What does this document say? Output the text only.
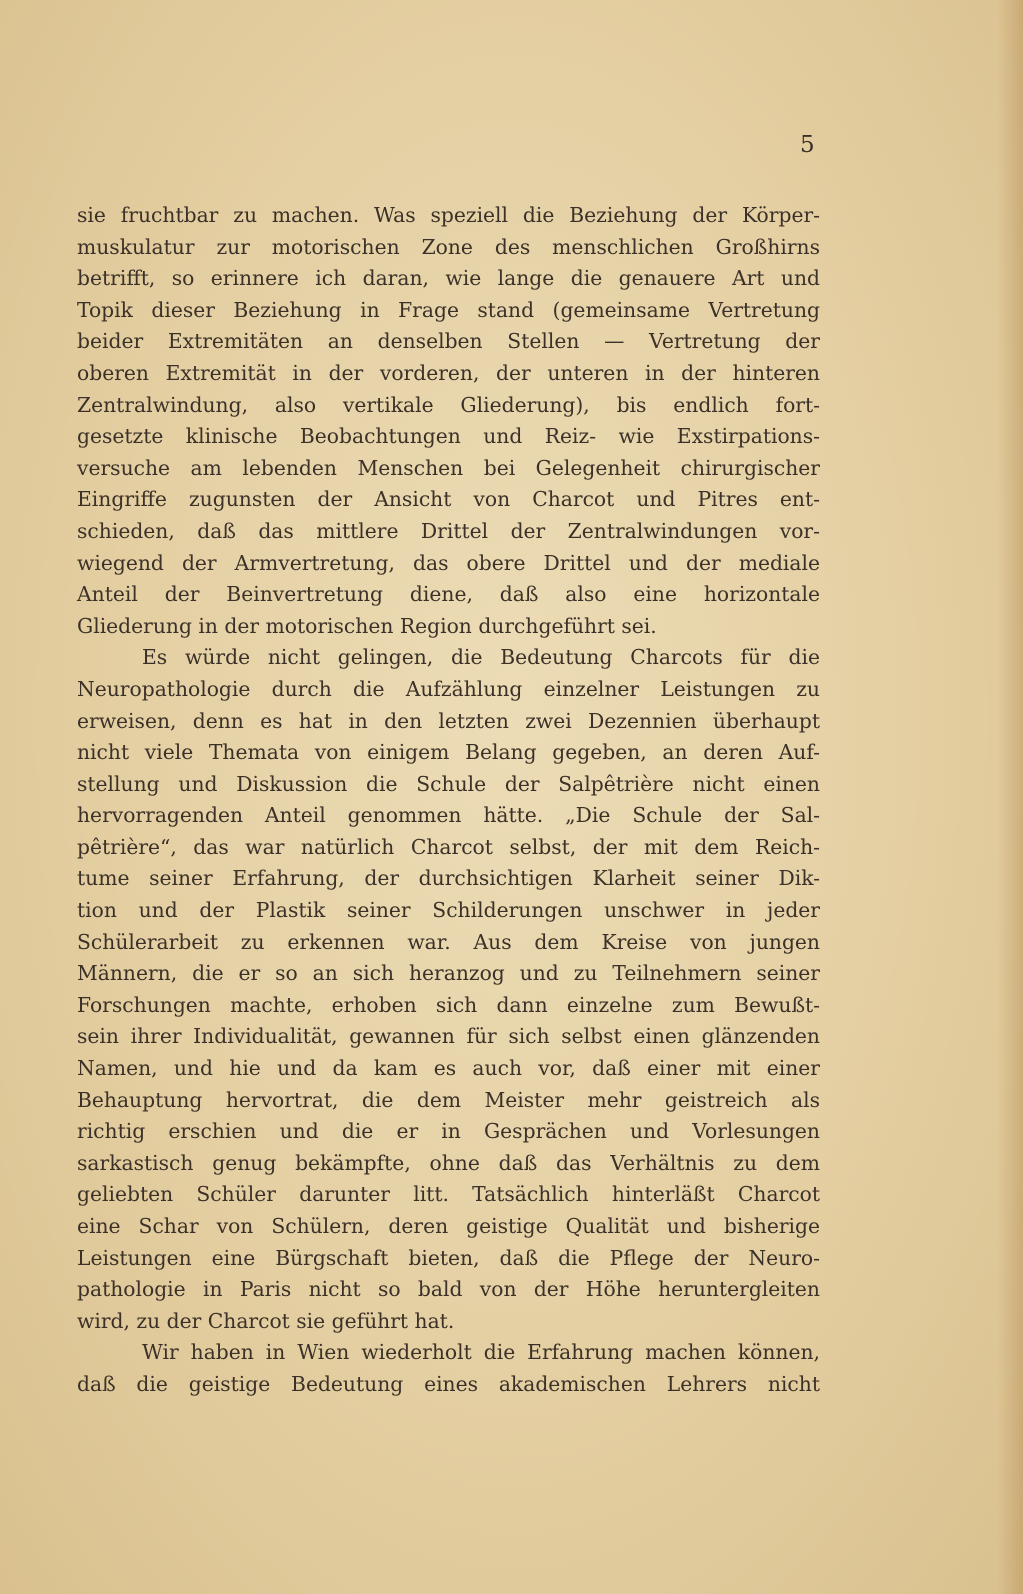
5
sie fruchtbar zu machen. Was speziell die Beziehung der Körper-
muskulatur zur motorischen Zone des menschlichen Großhirns
betrifft, so erinnere ich daran, wie lange die genauere Art und
Topik dieser Beziehung in Frage stand (gemeinsame Vertretung
beider Extremitäten an denselben Stellen — Vertretung der
oberen Extremität in der vorderen, der unteren in der hinteren
Zentralwindung, also vertikale Gliederung), bis endlich fort-
gesetzte klinische Beobachtungen und Reiz- wie Exstirpations-
versuche am lebenden Menschen bei Gelegenheit chirurgischer
Eingriffe zugunsten der Ansicht von Charcot und Pitres ent-
schieden, daß das mittlere Drittel der Zentralwindungen vor-
wiegend der Armvertretung, das obere Drittel und der mediale
Anteil der Beinvertretung diene, daß also eine horizontale
Gliederung in der motorischen Region durchgeführt sei.
Es würde nicht gelingen, die Bedeutung Charcots für die
Neuropathologie durch die Aufzählung einzelner Leistungen zu
erweisen, denn es hat in den letzten zwei Dezennien überhaupt
nicht viele Themata von einigem Belang gegeben, an deren Auf-
stellung und Diskussion die Schule der Salpêtrière nicht einen
hervorragenden Anteil genommen hätte. „Die Schule der Sal-
pêtrière“, das war natürlich Charcot selbst, der mit dem Reich-
tume seiner Erfahrung, der durchsichtigen Klarheit seiner Dik-
tion und der Plastik seiner Schilderungen unschwer in jeder
Schülerarbeit zu erkennen war. Aus dem Kreise von jungen
Männern, die er so an sich heranzog und zu Teilnehmern seiner
Forschungen machte, erhoben sich dann einzelne zum Bewußt-
sein ihrer Individualität, gewannen für sich selbst einen glänzenden
Namen, und hie und da kam es auch vor, daß einer mit einer
Behauptung hervortrat, die dem Meister mehr geistreich als
richtig erschien und die er in Gesprächen und Vorlesungen
sarkastisch genug bekämpfte, ohne daß das Verhältnis zu dem
geliebten Schüler darunter litt. Tatsächlich hinterläßt Charcot
eine Schar von Schülern, deren geistige Qualität und bisherige
Leistungen eine Bürgschaft bieten, daß die Pflege der Neuro-
pathologie in Paris nicht so bald von der Höhe heruntergleiten
wird, zu der Charcot sie geführt hat.
Wir haben in Wien wiederholt die Erfahrung machen können,
daß die geistige Bedeutung eines akademischen Lehrers nicht
